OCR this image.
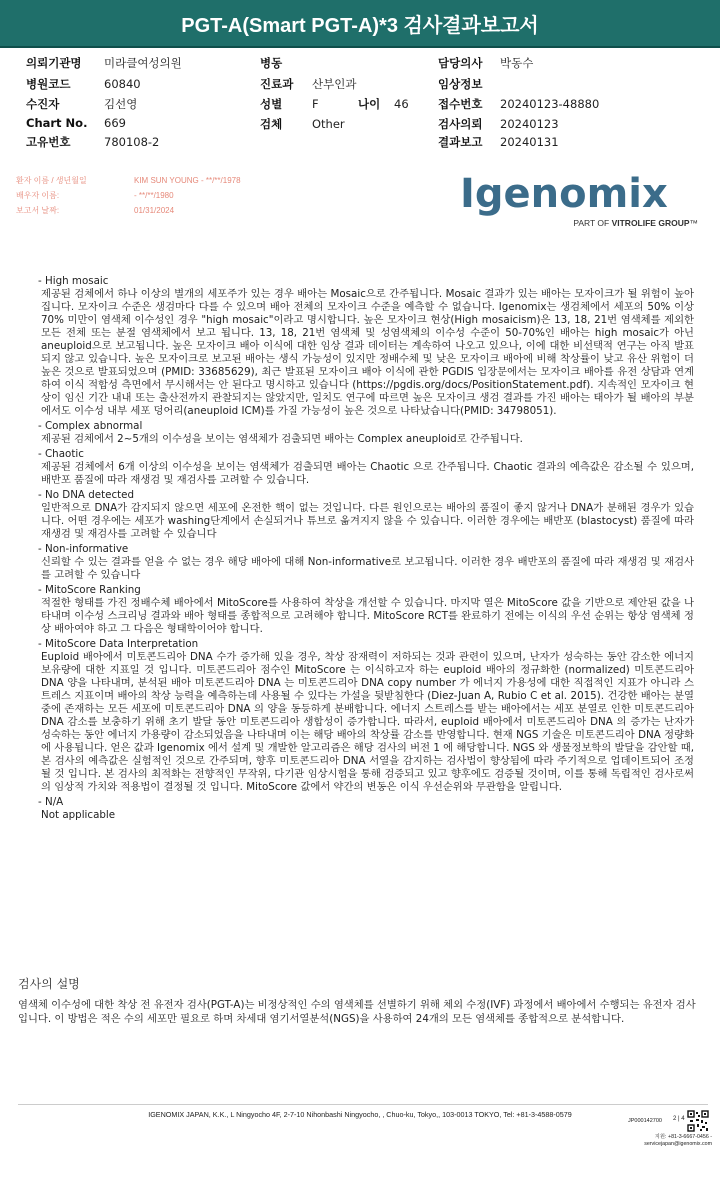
PGT-A(Smart PGT-A)*3 검사결과보고서
의뢰기관명 미라클여성의원
병원코드	60840
수진자	김선영
Chart No. 669
고유번호	780108-2
병동
진료과 산부인과
성별	F	나이 46
검체	Other
담당의사 박동수
임상정보
접수번호 20240123-48880
검사의뢰 20240123
결과보고 20240131
환자 이름 / 생년월일	KIM SUN YOUNG - **/**/1978
배우자 이름:	- **/**/1980
보고서 날짜:	01/31/2024	Igenomix
PART OF VITROLIFE GROUP™
- High mosaic
제공된 검체에서 하나 이상의 별개의 세포주가 있는 경우 배아는 Mosaic으로 간주됩니다. Mosaic 결과가 있는 배아는 모자이크가 될 위험이 높아집니다. 모자이크 수준은 생검마다 다를 수 있으며 배아 전체의 모자이크 수준을 예측할 수 없습니다. Igenomix는 생검체에서 세포의 50% 이상 70% 미만이 염색체 이수성인 경우 "high mosaic"이라고 명시합니다. 높은 모자이크 현상(High mosaicism)은 13, 18, 21번 염색체를 제외한 모든 전체 또는 분절 염색체에서 보고 됩니다. 13, 18, 21번 염색체 및 성염색체의 이수성 수준이 50-70%인 배아는 high mosaic가 아닌 aneuploid으로 보고됩니다. 높은 모자이크 배아 이식에 대한 임상 결과 데이터는 계속하여 나오고 있으나, 이에 대한 비선택적 연구는 아직 발표되지 않고 있습니다. 높은 모자이크로 보고된 배아는 생식 가능성이 있지만 정배수체 및 낮은 모자이크 배아에 비해 착상률이 낮고 유산 위험이 더 높은 것으로 발표되었으며 (PMID: 33685629), 최근 발표된 모자이크 배아 이식에 관한 PGDIS 입장문에서는 모자이크 배아를 유전 상담과 연계하여 이식 적합성 측면에서 무시해서는 안 된다고 명시하고 있습니다 (https://pgdis.org/docs/PositionStatement.pdf). 지속적인 모자이크 현상이 임신 기간 내내 또는 출산전까지 관찰되지는 않았지만, 일치도 연구에 따르면 높은 모자이크 생검 결과를 가진 배아는 태아가 될 배아의 부분에서도 이수성 내부 세포 덩어리(aneuploid ICM)를 가질 가능성이 높은 것으로 나타났습니다(PMID: 34798051).
- Complex abnormal
제공된 검체에서 2~5개의 이수성을 보이는 염색체가 검출되면 배아는 Complex aneuploid로 간주됩니다.
- Chaotic
제공된 검체에서 6개 이상의 이수성을 보이는 염색체가 검출되면 배아는 Chaotic 으로 간주됩니다. Chaotic 결과의 예측값은 감소될 수 있으며, 배반포 품질에 따라 재생검 및 재검사를 고려할 수 있습니다.
- No DNA detected
일반적으로 DNA가 감지되지 않으면 세포에 온전한 핵이 없는 것입니다. 다른 원인으로는 배아의 품질이 좋지 않거나 DNA가 분해된 경우가 있습니다. 어떤 경우에는 세포가 washing단계에서 손실되거나 튜브로 옮겨지지 않을 수 있습니다. 이러한 경우에는 배반포 (blastocyst) 품질에 따라 재생검 및 재검사를 고려할 수 있습니다
- Non-informative
신뢰할 수 있는 결과를 얻을 수 없는 경우 해당 배아에 대해 Non-informative로 보고됩니다. 이러한 경우 배반포의 품질에 따라 재생검 및 재검사를 고려할 수 있습니다
- MitoScore Ranking
적절한 형태를 가진 정배수체 배아에서 MitoScore를 사용하여 착상을 개선할 수 있습니다. 마지막 열은 MitoScore 값을 기반으로 제안된 값을 나타내며 이수성 스크리닝 결과와 배아 형태를 종합적으로 고려해야 합니다. MitoScore RCT를 완료하기 전에는 이식의 우선 순위는 항상 염색체 정상 배아여야 하고 그 다음은 형태학이어야 합니다.
- MitoScore Data Interpretation
Euploid 배아에서 미토콘드리아 DNA 수가 증가해 있을 경우, 착상 잠재력이 저하되는 것과 관련이 있으며, 난자가 성숙하는 동안 감소한 에너지 보유량에 대한 지표일 것 입니다. 미토콘드리아 점수인 MitoScore 는 이식하고자 하는 euploid 배아의 정규화한 (normalized) 미토콘드리아 DNA 양을 나타내며, 분석된 배아 미토콘드리아 DNA 는 미토콘드리아 DNA copy number 가 에너지 가용성에 대한 직접적인 지표가 아니라 스트레스 지표이며 배아의 착상 능력을 예측하는데 사용될 수 있다는 가설을 뒷받침한다 (Diez-Juan A, Rubio C et al. 2015). 건강한 배아는 분열 중에 존재하는 모든 세포에 미토콘드리아 DNA 의 양을 동등하게 분배합니다. 에너지 스트레스를 받는 배아에서는 세포 분열로 인한 미토콘드리아 DNA 감소를 보충하기 위해 초기 발달 동안 미토콘드리아 생합성이 증가합니다. 따라서, euploid 배아에서 미토콘드리아 DNA 의 증가는 난자가 성숙하는 동안 에너지 가용량이 감소되었음을 나타내며 이는 해당 배아의 착상률 감소를 반영합니다. 현재 NGS 기술은 미토콘드리아 DNA 정량화에 사용됩니다. 얻은 값과 Igenomix 에서 설계 및 개발한 알고리즘은 해당 검사의 버전 1 에 해당합니다. NGS 와 생물정보학의 발달을 감안할 때, 본 검사의 예측값은 실험적인 것으로 간주되며, 향후 미토콘드리아 DNA 서열을 감지하는 검사법이 향상됨에 따라 주기적으로 업데이트되어 조정될 것 입니다. 본 검사의 최적화는 전향적인 무작위, 다기관 임상시험을 통해 검증되고 있고 향후에도 검증될 것이며, 이를 통해 독립적인 검사로써의 임상적 가치와 적용법이 결정될 것 입니다. MitoScore 값에서 약간의 변동은 이식 우선순위와 무관함을 알립니다.
- N/A
Not applicable
검사의 설명
염색체 이수성에 대한 착상 전 유전자 검사(PGT-A)는 비정상적인 수의 염색체를 선별하기 위해 체외 수정(IVF) 과정에서 배아에서 수행되는 유전자 검사입니다. 이 방법은 적은 수의 세포만 필요로 하며 차세대 염기서열분석(NGS)을 사용하여 24개의 모든 염색체를 종합적으로 분석합니다.
IGENOMIX JAPAN, K.K., L Ningyocho 4F, 2-7-10 Nihonbashi Ningyocho, , Chuo-ku, Tokyo,, 103-0013 TOKYO, Tel: +81-3-4588-0579
JP000142700 2 | 4
지원: +81-3-6667-0456 -
servicejapan@igenomix.com
